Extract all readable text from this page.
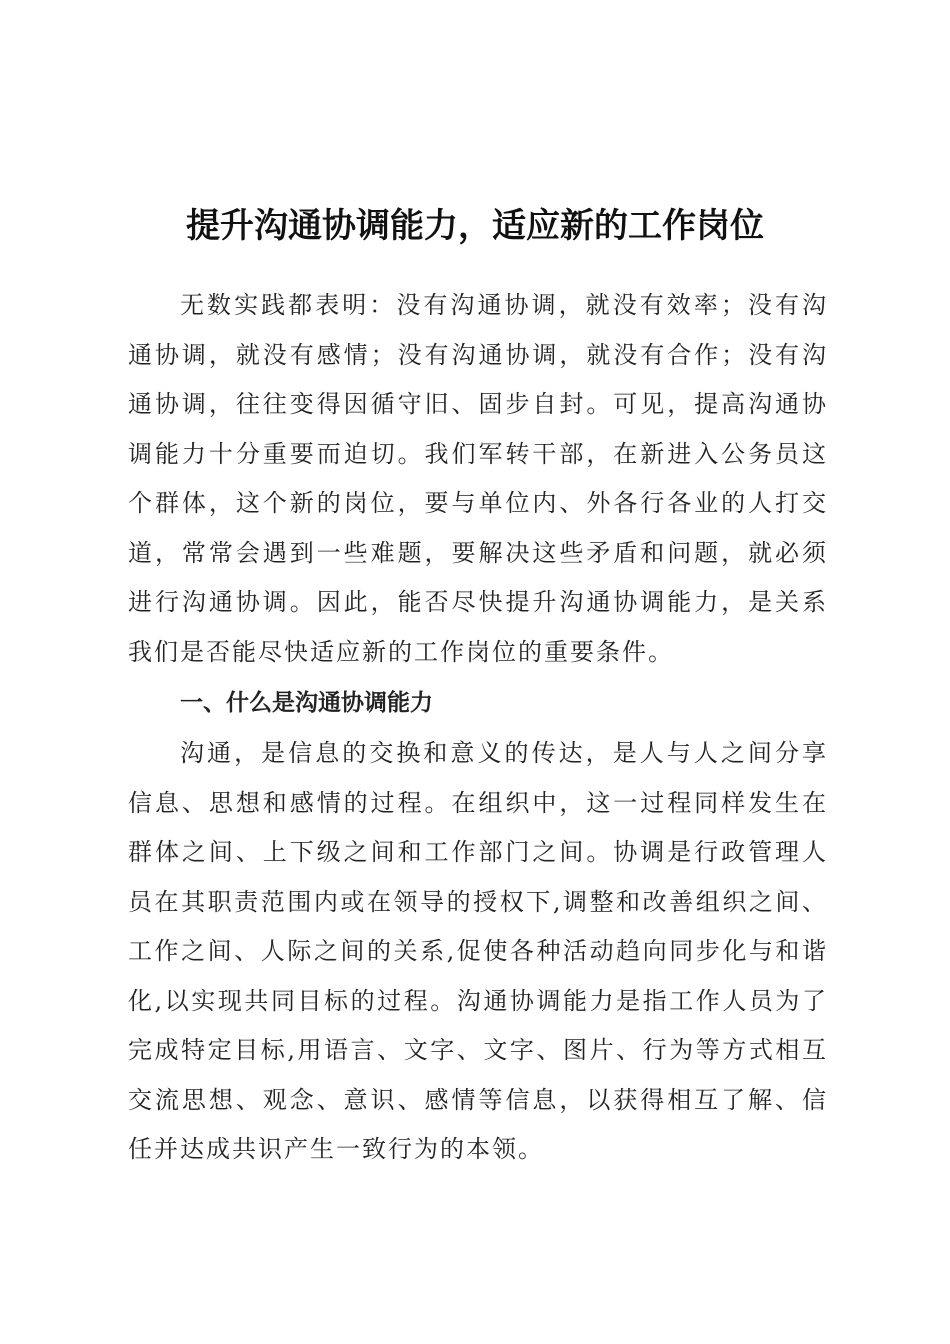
提升沟通协调能力，适应新的工作岗位

无数实践都表明：没有沟通协调，就没有效率；没有沟通协调，就没有感情；没有沟通协调，就没有合作；没有沟通协调，往往变得因循守旧、固步自封。可见，提高沟通协调能力十分重要而迫切。我们军转干部，在新进入公务员这个群体，这个新的岗位，要与单位内、外各行各业的人打交道，常常会遇到一些难题，要解决这些矛盾和问题，就必须进行沟通协调。因此，能否尽快提升沟通协调能力，是关系我们是否能尽快适应新的工作岗位的重要条件。

一、什么是沟通协调能力

沟通，是信息的交换和意义的传达，是人与人之间分享信息、思想和感情的过程。在组织中，这一过程同样发生在群体之间、上下级之间和工作部门之间。协调是行政管理人员在其职责范围内或在领导的授权下,调整和改善组织之间、工作之间、人际之间的关系,促使各种活动趋向同步化与和谐化,以实现共同目标的过程。沟通协调能力是指工作人员为了完成特定目标,用语言、文字、文字、图片、行为等方式相互交流思想、观念、意识、感情等信息，以获得相互了解、信任并达成共识产生一致行为的本领。
